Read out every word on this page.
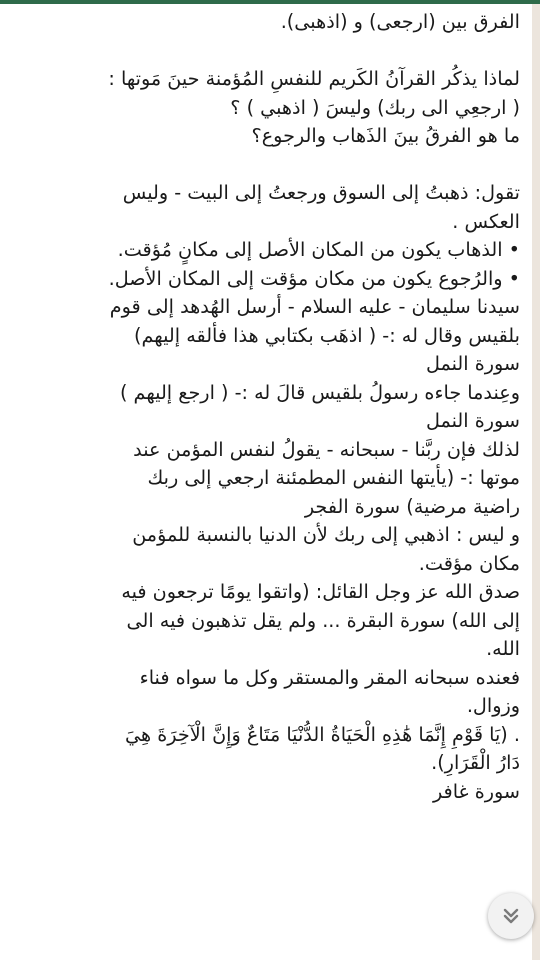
الفرق بين (ارجعى) و (اذهبى).
لماذا يذكُر القرآنُ الكَريم للنفسِ المُؤمنة حينَ مَوتها :
( ارجعِي الى ربك) وليسَ ( اذهبي ) ؟
ما هو الفرقُ بينَ الذَهاب والرجوع؟
تقول: ذهبتُ إلى السوق ورجعتُ إلى البيت - وليس
العكس .
• الذهاب يكون من المكان الأصل إلى مكانٍ مُؤقت.
• والرُجوع يكون من مكان مؤقت إلى المكان الأصل.
سيدنا سليمان - عليه السلام - أرسل الهُدهد إلى قوم
بلقيس وقال له :- ( اذهَب بكتابي هذا فألقه إليهم)
سورة النمل
وعِندما جاءه رسولُ بلقيس قالَ له :- ( ارجع إليهم )
سورة النمل
لذلك فإن ربَّنا - سبحانه - يقولُ لنفس المؤمن عند
موتها :- (يأيتها النفس المطمئنة ارجعي إلى ربك
راضية مرضية) سورة الفجر
و ليس : اذهبي إلى ربك لأن الدنيا بالنسبة للمؤمن
مكان مؤقت.
صدق الله عز وجل القائل: (واتقوا يومًا ترجعون فيه
إلى الله) سورة البقرة ... ولم يقل تذهبون فيه الى
الله.
فعنده سبحانه المقر والمستقر وكل ما سواه فناء
وزوال.
. (يَا قَوْمِ إِنَّمَا هَٰذِهِ الْحَيَاةُ الدُّنْيَا مَتَاعٌ وَإِنَّ الْآخِرَةَ هِيَ
دَارُ الْقَرَارِ).
سورة غافر
